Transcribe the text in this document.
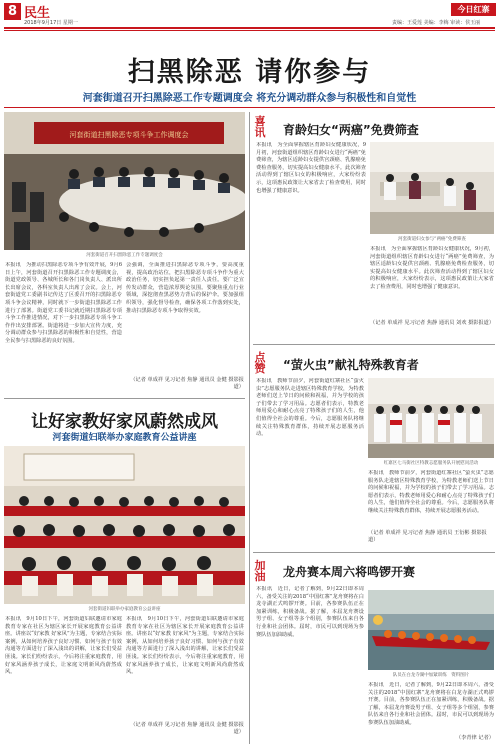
8 民生
2018年9月17日 星期一	责编：王爱莲 美编：李梅 审读：侯玉丽
今日红寨
扫黑除恶 请你参与
河套街道召开扫黑除恶工作专题调度会 将充分调动群众参与积极性和自觉性
河套街道扫黑除恶专项斗争工作调度会
河套街道召开扫黑除恶工作专题调度会
本报讯　为推动扫黑除恶专项斗争有效开展，9月6日上午，河套街道召开扫黑除恶工作专题调度会，街道党政领导、各城所长和各门岗负责人、派出所长出席会议，各科室负责人出席了会议。会上，河套街道党工委副书记传达了区委召开的扫黑除恶专项斗争会议精神，同时就下一步街道扫黑除恶工作进行了部署。街道党工委书记就近期扫黑除恶专项斗争工作推进情况，对下一步扫黑除恶专项斗争工作作出安排部署。街道将进一步加大宣传力度，充分调动群众参与扫黑除恶的积极性和自觉性，营造全民参与扫黑除恶的良好氛围。
会强调，全面推进扫黑除恶专项斗争，要高度重视，提高政治站位，把扫黑除恶专项斗争作为重大政治任务，切实担负起第一责任人责任。要广泛宣传发动群众，营造浓厚舆论氛围。要聚焦重点行业领域，深挖彻查黑恶势力背后的保护伞。要加强组织领导，强化督导检查，确保各项工作落到实处，推动扫黑除恶专项斗争取得实效。
（记者 单成祥 见习记者 焦静 通讯员 金健 摄影报道）
让好家教好家风蔚然成风
河套街道妇联举办家庭教育公益讲座
河套街道妇联举办家庭教育公益讲座
本报讯　9月10日下午，河套街道妇联邀请市家庭教育专家在社区为辖区家长开展家庭教育公益讲座。讲座以“好家教 好家风”为主题，专家结合实际案例，从如何培养孩子良好习惯、如何与孩子有效沟通等方面进行了深入浅出的讲解，让家长们受益匪浅。家长们纷纷表示，今后将注重家庭教育，用好家风涵养孩子成长，让家庭文明新风尚蔚然成风。
本报讯　9月10日下午，河套街道妇联邀请市家庭教育专家在社区为辖区家长开展家庭教育公益讲座。讲座以“好家教 好家风”为主题，专家结合实际案例，从如何培养孩子良好习惯、如何与孩子有效沟通等方面进行了深入浅出的讲解，让家长们受益匪浅。家长们纷纷表示，今后将注重家庭教育，用好家风涵养孩子成长，让家庭文明新风尚蔚然成风。
（记者 单成祥 见习记者 焦静 通讯员 金健 摄影报道）
喜讯 育龄妇女“两癌”免费筛查
本报讯　为全面掌握辖区育龄妇女健康状况，9月初，河套街道组织辖区育龄妇女进行“两癌”免费筛查，为辖区适龄妇女提供宫颈癌、乳腺癌免费检查服务，切实提高妇女健康水平。此次筛查活动得到了辖区妇女的积极响应，大家纷纷表示，这项惠民政策让大家省去了检查费用，同时也增强了健康意识。
河套街道妇女参与“两癌”免费筛查
本报讯　为全面掌握辖区育龄妇女健康状况，9月初，河套街道组织辖区育龄妇女进行“两癌”免费筛查，为辖区适龄妇女提供宫颈癌、乳腺癌免费检查服务，切实提高妇女健康水平。此次筛查活动得到了辖区妇女的积极响应，大家纷纷表示，这项惠民政策让大家省去了检查费用，同时也增强了健康意识。
（记者 单成祥 见习记者 焦静 通讯员 刘欢 摄影报道）
点赞 “萤火虫”献礼特殊教育者
本报讯　教师节前夕，河套街道红寨社区“萤火虫”志愿服务队走进辖区特殊教育学校，为特教老师们送上节日的问候和祝福，并为学校的孩子们带去了学习用品。志愿者们表示，特教老师用爱心和耐心点亮了特殊孩子们的人生，他们值得全社会的尊重。今后，志愿服务队将继续关注特殊教育群体，持续开展志愿服务活动。
红寨区七马街社区特教志愿服务队开展慰问活动
本报讯　教师节前夕，河套街道红寨社区“萤火虫”志愿服务队走进辖区特殊教育学校，为特教老师们送上节日的问候和祝福，并为学校的孩子们带去了学习用品。志愿者们表示，特教老师用爱心和耐心点亮了特殊孩子们的人生，他们值得全社会的尊重。今后，志愿服务队将继续关注特殊教育群体，持续开展志愿服务活动。
（记者 单成祥 见习记者 焦静 通讯员 王衍彬 摄影报道）
加油 龙舟赛本周六将鸣锣开赛
本报讯　近日，记者了解到，9月22日即本周六，备受关注的2018“中国红寨”龙舟赛将在白龙寺湖正式鸣锣开赛。目前，各参赛队伍正在加紧训练，积极备战。据了解，本届龙舟赛设男子组、女子组等多个组别，参赛队伍来自各行业和社会团体。届时，市民可以到现场为参赛队伍加油助威。
队员在白龙寺湖中加紧训练　资料图片
本报讯　近日，记者了解到，9月22日即本周六，备受关注的2018“中国红寨”龙舟赛将在白龙寺湖正式鸣锣开赛。目前，各参赛队伍正在加紧训练，积极备战。据了解，本届龙舟赛设男子组、女子组等多个组别，参赛队伍来自各行业和社会团体。届时，市民可以到现场为参赛队伍加油助威。
（李青律 记者）
